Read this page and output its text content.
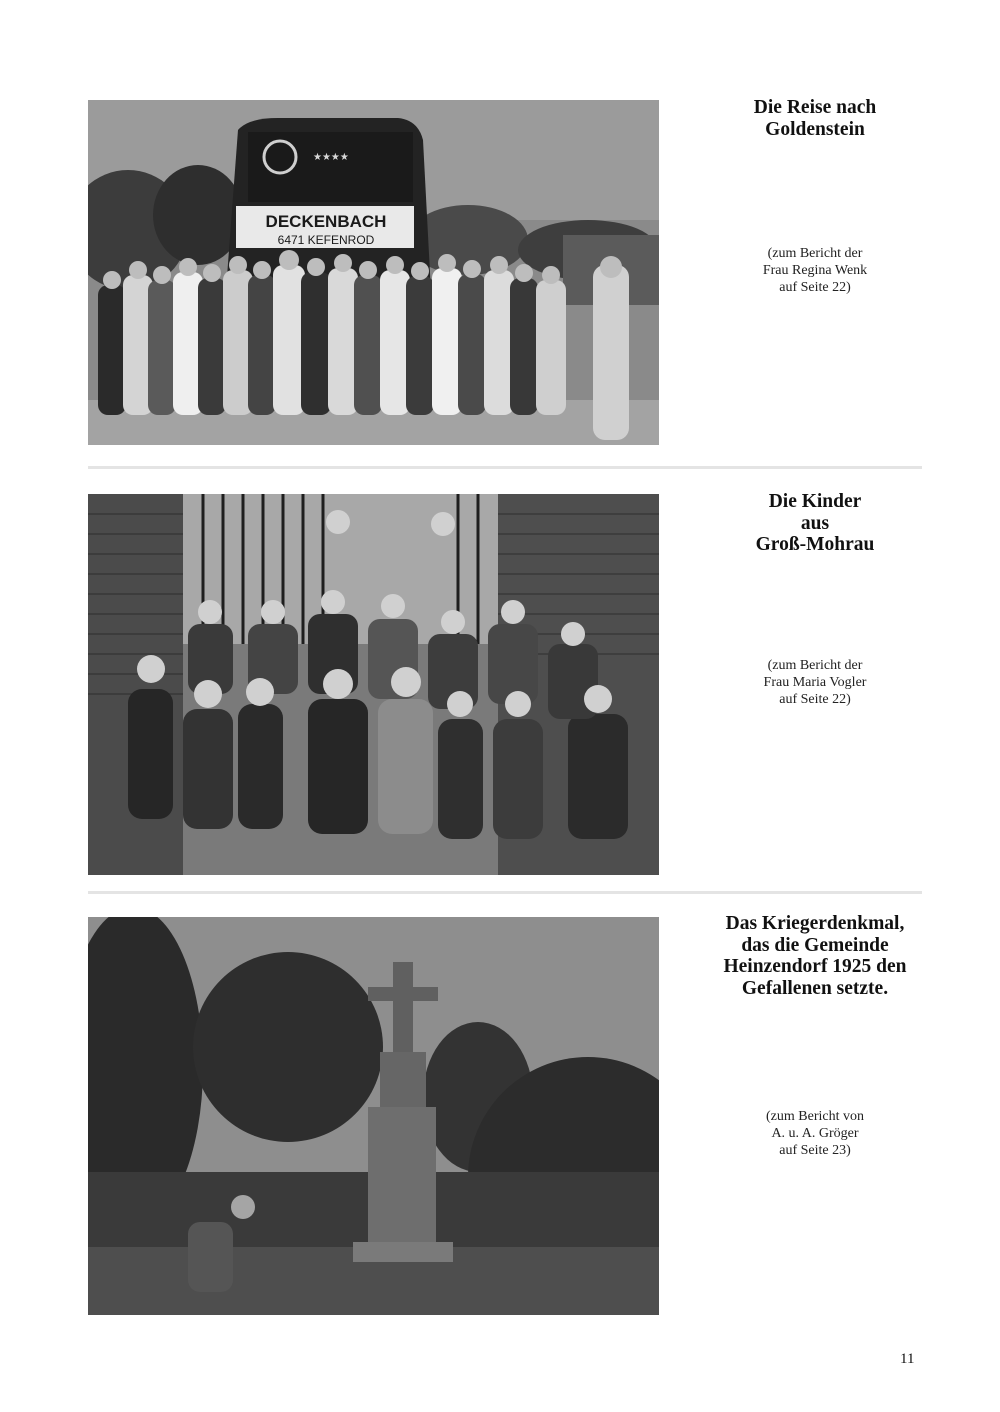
★★★★
DECKENBACH
6471 KEFENROD

Die Reise nach
Goldenstein

(zum Bericht der
Frau Regina Wenk
auf Seite 22)

Die Kinder
aus
Groß-Mohrau

(zum Bericht der
Frau Maria Vogler
auf Seite 22)

Das Kriegerdenkmal,
das die Gemeinde
Heinzendorf 1925 den
Gefallenen setzte.

(zum Bericht von
A. u. A. Gröger
auf Seite 23)
11
